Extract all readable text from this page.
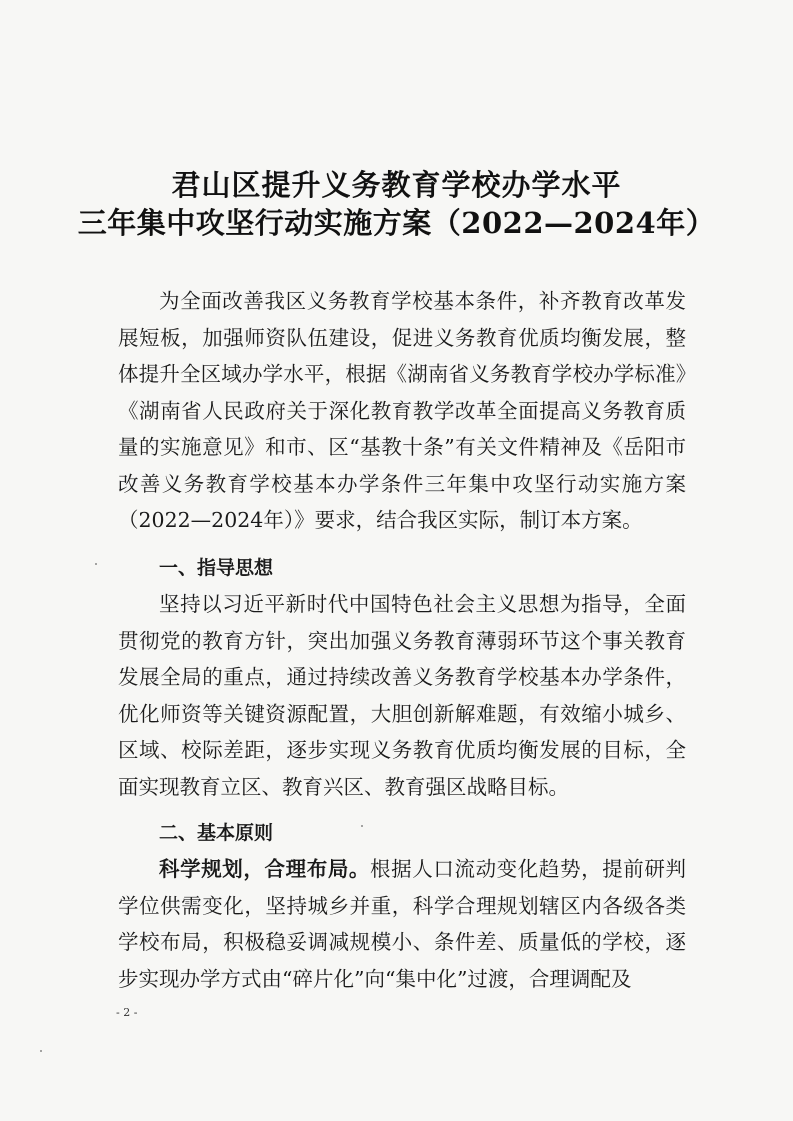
君山区提升义务教育学校办学水平
三年集中攻坚行动实施方案（2022—2024年）

为全面改善我区义务教育学校基本条件，补齐教育改革发展短板，加强师资队伍建设，促进义务教育优质均衡发展，整体提升全区域办学水平，根据《湖南省义务教育学校办学标准》《湖南省人民政府关于深化教育教学改革全面提高义务教育质量的实施意见》和市、区“基教十条”有关文件精神及《岳阳市改善义务教育学校基本办学条件三年集中攻坚行动实施方案（2022—2024年）》要求，结合我区实际，制订本方案。

一、指导思想

坚持以习近平新时代中国特色社会主义思想为指导，全面贯彻党的教育方针，突出加强义务教育薄弱环节这个事关教育发展全局的重点，通过持续改善义务教育学校基本办学条件，优化师资等关键资源配置，大胆创新解难题，有效缩小城乡、区域、校际差距，逐步实现义务教育优质均衡发展的目标，全面实现教育立区、教育兴区、教育强区战略目标。

二、基本原则

科学规划，合理布局。根据人口流动变化趋势，提前研判学位供需变化，坚持城乡并重，科学合理规划辖区内各级各类学校布局，积极稳妥调减规模小、条件差、质量低的学校，逐步实现办学方式由“碎片化”向“集中化”过渡，合理调配及

- 2 -
